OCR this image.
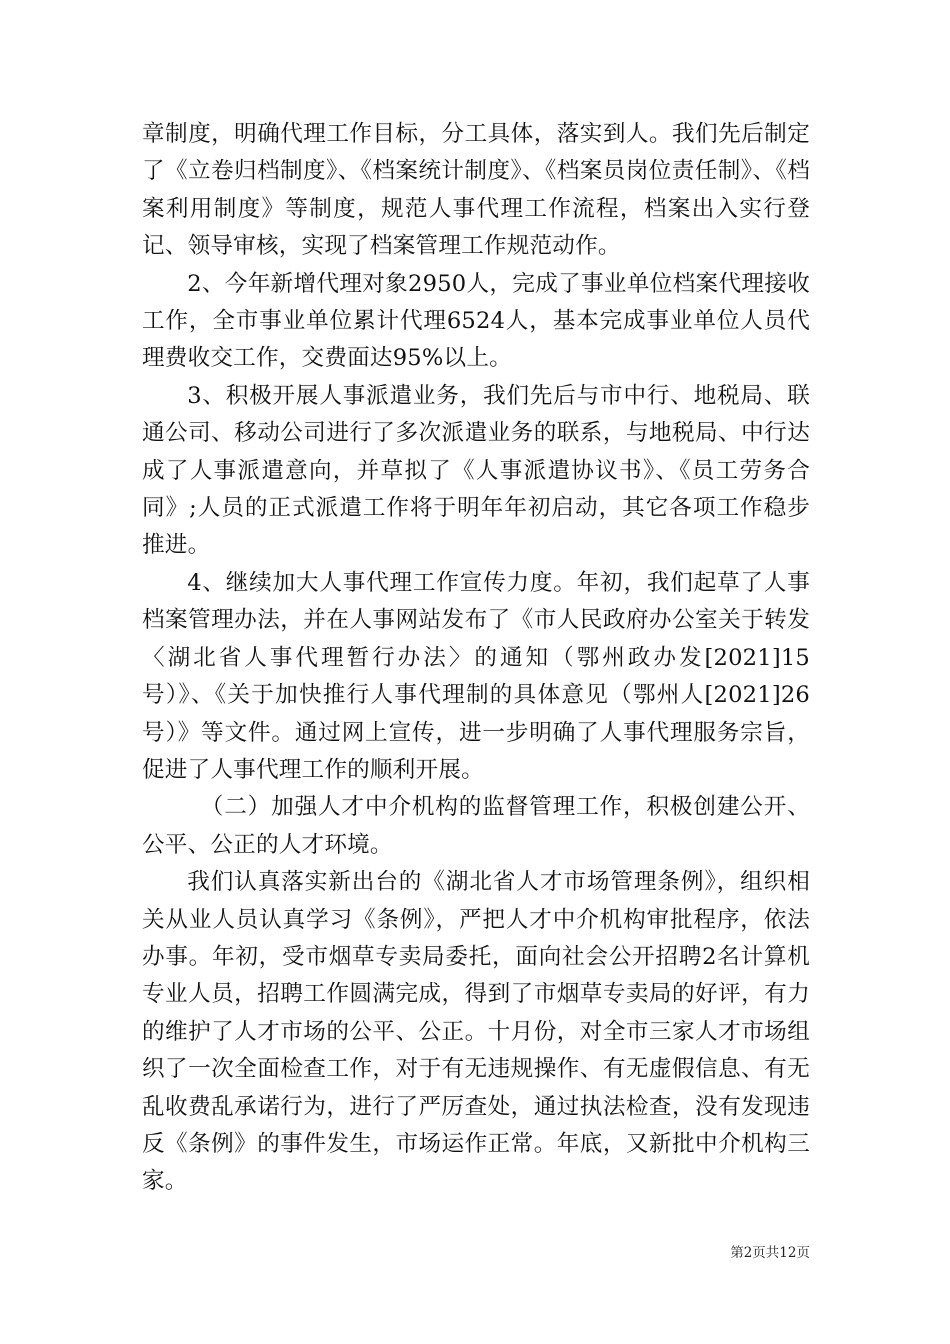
章制度，明确代理工作目标，分工具体，落实到人。我们先后制定了《立卷归档制度》、《档案统计制度》、《档案员岗位责任制》、《档案利用制度》等制度，规范人事代理工作流程，档案出入实行登记、领导审核，实现了档案管理工作规范动作。

2、今年新增代理对象2950人，完成了事业单位档案代理接收工作，全市事业单位累计代理6524人，基本完成事业单位人员代理费收交工作，交费面达95%以上。

3、积极开展人事派遣业务，我们先后与市中行、地税局、联通公司、移动公司进行了多次派遣业务的联系，与地税局、中行达成了人事派遣意向，并草拟了《人事派遣协议书》、《员工劳务合同》;人员的正式派遣工作将于明年年初启动，其它各项工作稳步推进。

4、继续加大人事代理工作宣传力度。年初，我们起草了人事档案管理办法，并在人事网站发布了《市人民政府办公室关于转发〈湖北省人事代理暂行办法〉的通知（鄂州政办发[2021]15号）》、《关于加快推行人事代理制的具体意见（鄂州人[2021]26号）》等文件。通过网上宣传，进一步明确了人事代理服务宗旨，促进了人事代理工作的顺利开展。

（二）加强人才中介机构的监督管理工作，积极创建公开、公平、公正的人才环境。

我们认真落实新出台的《湖北省人才市场管理条例》，组织相关从业人员认真学习《条例》，严把人才中介机构审批程序，依法办事。年初，受市烟草专卖局委托，面向社会公开招聘2名计算机专业人员，招聘工作圆满完成，得到了市烟草专卖局的好评，有力的维护了人才市场的公平、公正。十月份，对全市三家人才市场组织了一次全面检查工作，对于有无违规操作、有无虚假信息、有无乱收费乱承诺行为，进行了严厉查处，通过执法检查，没有发现违反《条例》的事件发生，市场运作正常。年底，又新批中介机构三家。

第2页共12页
